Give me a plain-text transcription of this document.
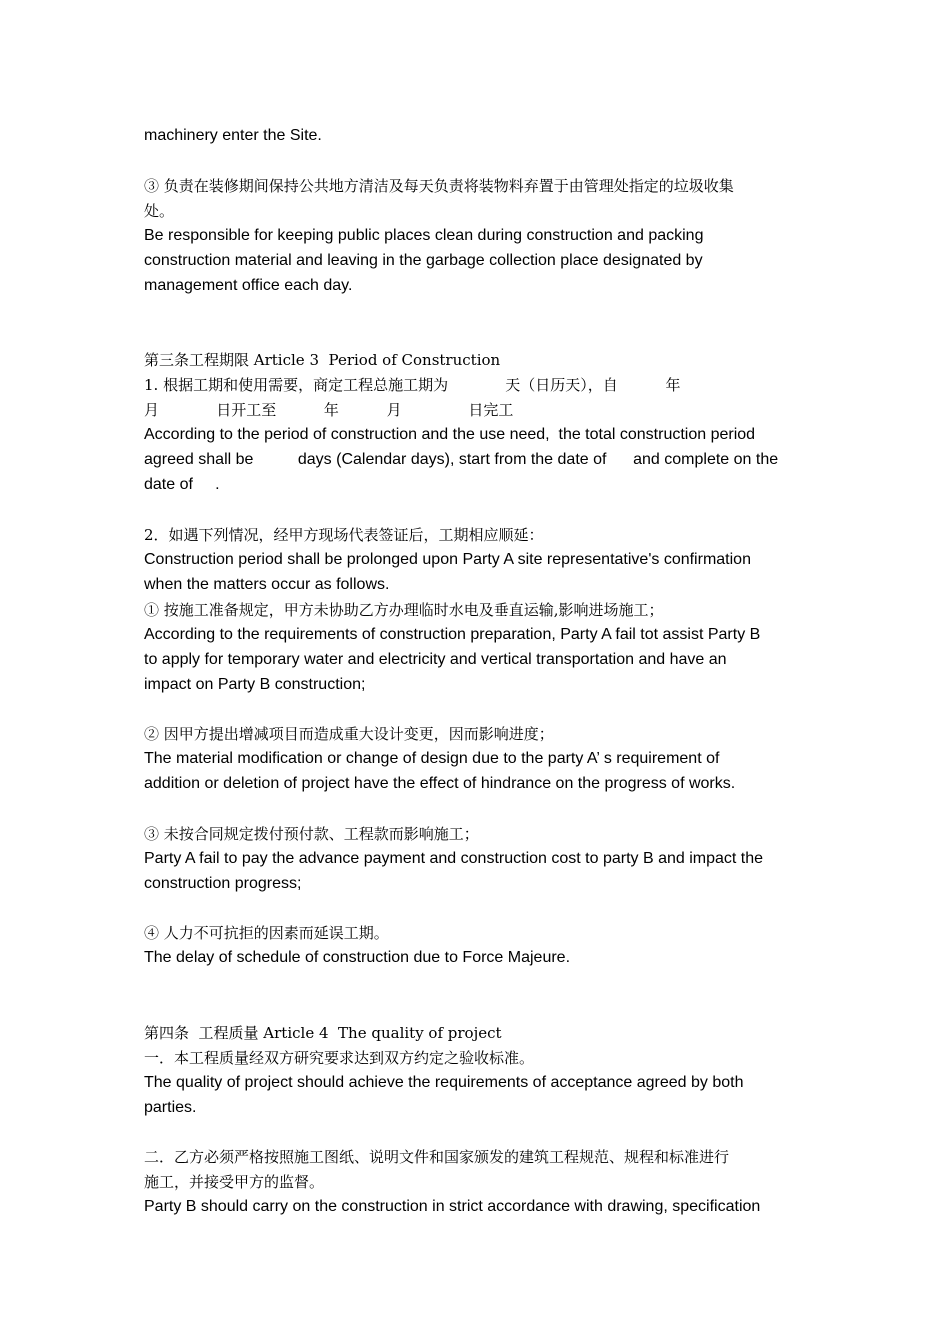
machinery enter the Site.
③ 负责在装修期间保持公共地方清洁及每天负责将装物料弃置于由管理处指定的垃圾收集
处。
Be responsible for keeping public places clean during construction and packing
construction material and leaving in the garbage collection place designated by
management office each day.
第三条工程期限 Article 3  Period of Construction
1. 根据工期和使用需要，商定工程总施工期为            天（日历天），自          年
月            日开工至          年          月              日完工
According to the period of construction and the use need,  the total construction period
agreed shall be          days (Calendar days), start from the date of      and complete on the
date of     .
2．如遇下列情况，经甲方现场代表签证后，工期相应顺延：
Construction period shall be prolonged upon Party A site representative's confirmation
when the matters occur as follows.
① 按施工准备规定，甲方未协助乙方办理临时水电及垂直运输,影响进场施工；
According to the requirements of construction preparation, Party A fail tot assist Party B
to apply for temporary water and electricity and vertical transportation and have an
impact on Party B construction;
② 因甲方提出增减项目而造成重大设计变更，因而影响进度；
The material modification or change of design due to the party A’ s requirement of
addition or deletion of project have the effect of hindrance on the progress of works.
③ 未按合同规定拨付预付款、工程款而影响施工；
Party A fail to pay the advance payment and construction cost to party B and impact the
construction progress;
④ 人力不可抗拒的因素而延误工期。
The delay of schedule of construction due to Force Majeure.
第四条  工程质量 Article 4  The quality of project
一．本工程质量经双方研究要求达到双方约定之验收标准。
The quality of project should achieve the requirements of acceptance agreed by both
parties.
二．乙方必须严格按照施工图纸、说明文件和国家颁发的建筑工程规范、规程和标准进行
施工，并接受甲方的监督。
Party B should carry on the construction in strict accordance with drawing, specification
